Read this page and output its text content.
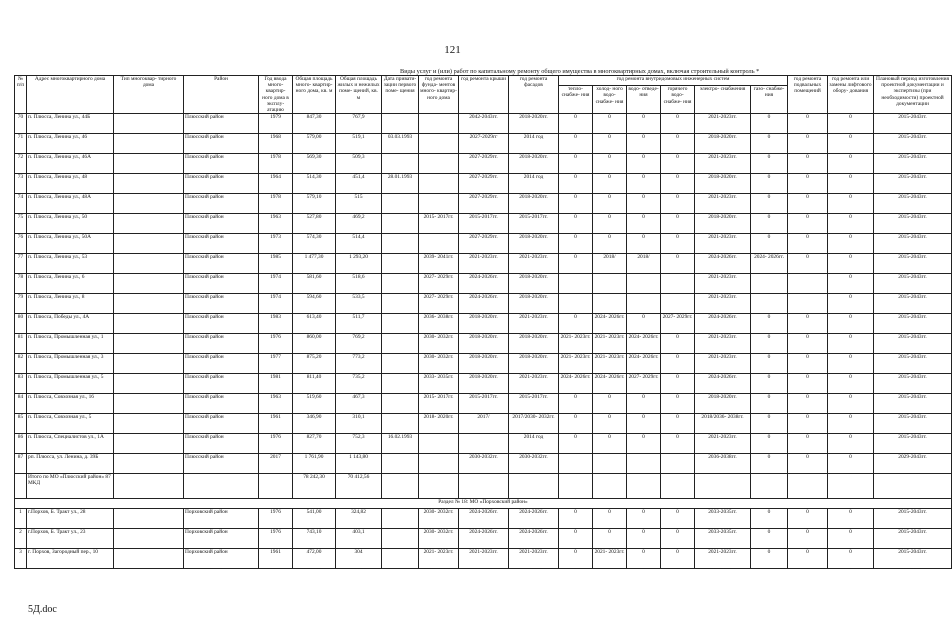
121
Виды услуг и (или) работ по капитальному ремонту общего имущества в многоквартирных домах, включая строительный контроль *
№ п/п	Адрес многоквартирного дома	Тип многоквар- тирного дома	Район	Год ввода много- квартир- ного дома в эксплу- атацию	Общая площадь много- квартир- ного дома, кв. м	Общая площадь жилых и нежилых поме- щений, кв. м	Дата привати- зации первого поме- щения	год ремонта фунда- ментов много- квартир- ного дома	год ремонта крыши	год ремонта фасадов	год ремонта внутридомовых инженерных систем						год ремонта подвальных помещений	год ремонта или замены лифтового обору- дования	Плановый период изготовления проектной документации и экспертизы (при необходимости) проектной документации
											тепло- снабже- ния	холод- ного водо- снабже- ния	водо- отведе- ния	горячего водо- снабже- ния	электро- снабжения	газо- снабже- ния			
70	п. Плюсса, Ленина ул., 44Б		Плюсский район	1979	847,30	767,9			2042-2043гг.	2018-2020гг.	0	0	0	0	2021-2023гг.	0	0	0	2015-2043гг.
71	п. Плюсса, Ленина ул., 46		Плюсский район	1968	579,00	519,1	03.03.1993		2027-2029гг	2014 год	0	0	0	0	2018-2020гг.	0	0	0	2015-2043гг.
72	п. Плюсса, Ленина ул., 46А		Плюсский район	1978	569,30	509,3			2027-2029гг.	2018-2020гг.	0	0	0	0	2021-2023гг.	0	0	0	2015-2043гг.
73	п. Плюсса, Ленина ул., 48		Плюсский район	1964	514,30	451,4	28.01.1993		2027-2029гг.	2014 год	0	0	0	0	2018-2020гг.	0	0	0	2015-2043гг.
74	п. Плюсса, Ленина ул., 48А		Плюсский район	1978	579,10	515			2027-2029гг.	2018-2020гг.	0	0	0	0	2021-2023гг.	0	0	0	2015-2043гг.
75	п. Плюсса, Ленина ул., 50		Плюсский район	1963	527,80	469,2		2015- 2017гг.	2015-2017гг.	2015-2017гг.	0	0	0	0	2018-2020гг.	0	0	0	2015-2043гг.
76	п. Плюсса, Ленина ул., 50А		Плюсский район	1973	574,30	514,4			2027-2029гг.	2018-2020гг.	0	0	0	0	2021-2023гг.	0	0	0	2015-2043гг.
77	п. Плюсса, Ленина ул., 53		Плюсский район	1985	1 477,30	1 293,20		2039- 2041гг.	2021-2023гг.	2021-2023гг.	0	2018/	2018/	0	2024-2026гг.	2024- 2026гг.	0	0	2015-2043гг.
78	п. Плюсса, Ленина ул., 6		Плюсский район	1974	581,60	518,6		2027- 2029гг.	2024-2026гг.	2018-2020гг.					2021-2023гг.			0	2015-2043гг.
79	п. Плюсса, Ленина ул., 8		Плюсский район	1974	594,60	533,5		2027- 2029гг.	2024-2026гг.	2018-2020гг.					2021-2023гг.			0	2015-2043гг.
80	п. Плюсса, Победы ул., 4А		Плюсский район	1983	613,40	511,7		2036- 2038гг.	2018-2020гг.	2021-2023гг.	0	2024- 2026гг.	0	2027- 2029гг.	2024-2026гг.	0	0	0	2015-2043гг.
81	п. Плюсса, Промышленная ул., 1		Плюсский район	1976	860,00	769,2		2030- 2032гг.	2018-2020гг.	2018-2020гг.	2021- 2023гг.	2021- 2023гг.	2024- 2026гг.	0	2021-2023гг.	0	0	0	2015-2043гг.
82	п. Плюсса, Промышленная ул., 3		Плюсский район	1977	875,20	773,2		2030- 2032гг.	2018-2020гг.	2018-2020гг.	2021- 2023гг.	2021- 2023гг.	2024- 2026гг.	0	2021-2023гг.	0	0	0	2015-2043гг.
83	п. Плюсса, Промышленная ул., 5		Плюсский район	1981	811,40	735,2		2033- 2035гг.	2018-2020гг.	2021-2023гг.	2024- 2026гг.	2024- 2026гг.	2027- 2029гг.	0	2024-2026гг.	0	0	0	2015-2043гг.
84	п. Плюсса, Совхозная ул., 16		Плюсский район	1963	519,60	467,3		2015- 2017гг.	2015-2017гг.	2015-2017гг.	0	0	0	0	2018-2020гг.	0	0	0	2015-2043гг.
85	п. Плюсса, Совхозная ул., 5		Плюсский район	1961	346,90	310,1		2018- 2020гг.	2017/	2017/2030- 2032гг.	0	0	0	0	2018/2036- 2038гг.	0	0	0	2015-2043гг.
86	п. Плюсса, Специалистов ул., 1А		Плюсский район	1976	827,70	752,3	16.02.1993			2014 год	0	0	0	0	2021-2023гг.	0	0	0	2015-2043гг.
87	рп. Плюсса, ул. Ленина, д. 39Б		Плюсский район	2017	1 761,90	1 143,80			2030-2032гг.	2030-2032гг.					2036-2038гг.	0	0	0	2029-2043гг.
	Итого по МО «Плюсский район» 87 МКД				78 242,30	70 412,56													
Раздел № 18: МО «Порховский район»																			
1	г.Порхов, Б. Тракт ул., 28		Порховский район	1976	541,00	324,82		2030- 2032гг.	2024-2026гг.	2024-2026гг.	0	0	0	0	2033-2035гг.	0	0	0	2015-2043гг.
2	г.Порхов, Б. Тракт ул., 23		Порховский район	1976	743,10	403,1		2030- 2032гг.	2024-2026гг.	2024-2026гг.	0	0	0	0	2033-2035гг.	0	0	0	2015-2043гг.
3	г. Порхов, Загородный пер., 10		Порховский район	1961	472,00	304		2021- 2023гг.	2021-2023гг.	2021-2023гг.	0	2021- 2023гг.	0	0	2021-2023гг.	0	0	0	2015-2043гг.
5Д.doc
